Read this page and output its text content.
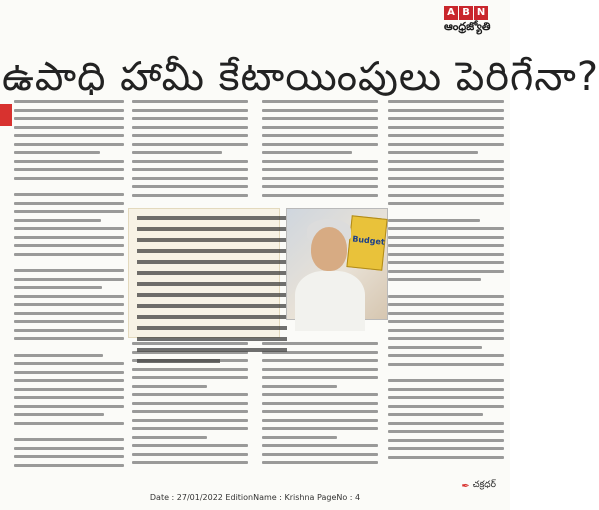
A B N
ఆంధ్రజ్యోతి
ఉపాధి హామీ కేటాయింపులు పెరిగేనా?
Budget
✒ చక్రధర్‌
Date : 27/01/2022 EditionName : Krishna PageNo : 4
